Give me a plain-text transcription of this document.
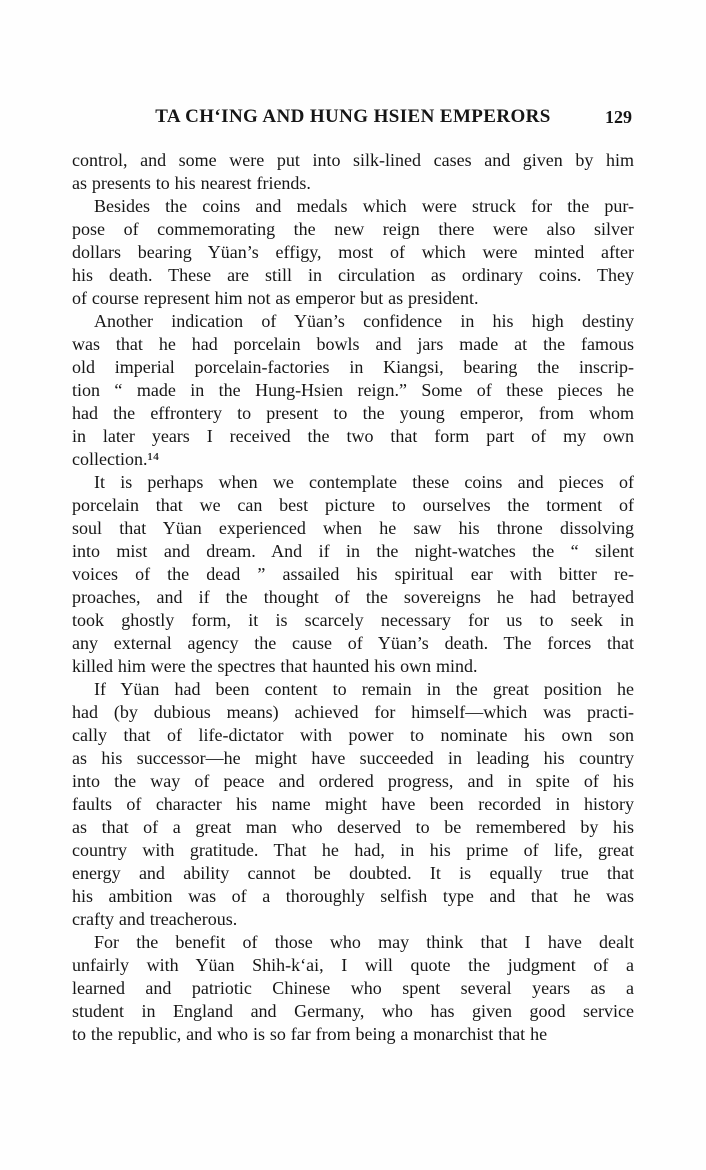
TA CH‘ING AND HUNG HSIEN EMPERORS	129
control, and some were put into silk-lined cases and given by him
as presents to his nearest friends.
Besides the coins and medals which were struck for the pur-
pose of commemorating the new reign there were also silver
dollars bearing Yüan’s effigy, most of which were minted after
his death. These are still in circulation as ordinary coins. They
of course represent him not as emperor but as president.
Another indication of Yüan’s confidence in his high destiny
was that he had porcelain bowls and jars made at the famous
old imperial porcelain-factories in Kiangsi, bearing the inscrip-
tion “ made in the Hung-Hsien reign.” Some of these pieces he
had the effrontery to present to the young emperor, from whom
in later years I received the two that form part of my own
collection.¹⁴
It is perhaps when we contemplate these coins and pieces of
porcelain that we can best picture to ourselves the torment of
soul that Yüan experienced when he saw his throne dissolving
into mist and dream. And if in the night-watches the “ silent
voices of the dead ” assailed his spiritual ear with bitter re-
proaches, and if the thought of the sovereigns he had betrayed
took ghostly form, it is scarcely necessary for us to seek in
any external agency the cause of Yüan’s death. The forces that
killed him were the spectres that haunted his own mind.
If Yüan had been content to remain in the great position he
had (by dubious means) achieved for himself—which was practi-
cally that of life-dictator with power to nominate his own son
as his successor—he might have succeeded in leading his country
into the way of peace and ordered progress, and in spite of his
faults of character his name might have been recorded in history
as that of a great man who deserved to be remembered by his
country with gratitude. That he had, in his prime of life, great
energy and ability cannot be doubted. It is equally true that
his ambition was of a thoroughly selfish type and that he was
crafty and treacherous.
For the benefit of those who may think that I have dealt
unfairly with Yüan Shih-k‘ai, I will quote the judgment of a
learned and patriotic Chinese who spent several years as a
student in England and Germany, who has given good service
to the republic, and who is so far from being a monarchist that he
